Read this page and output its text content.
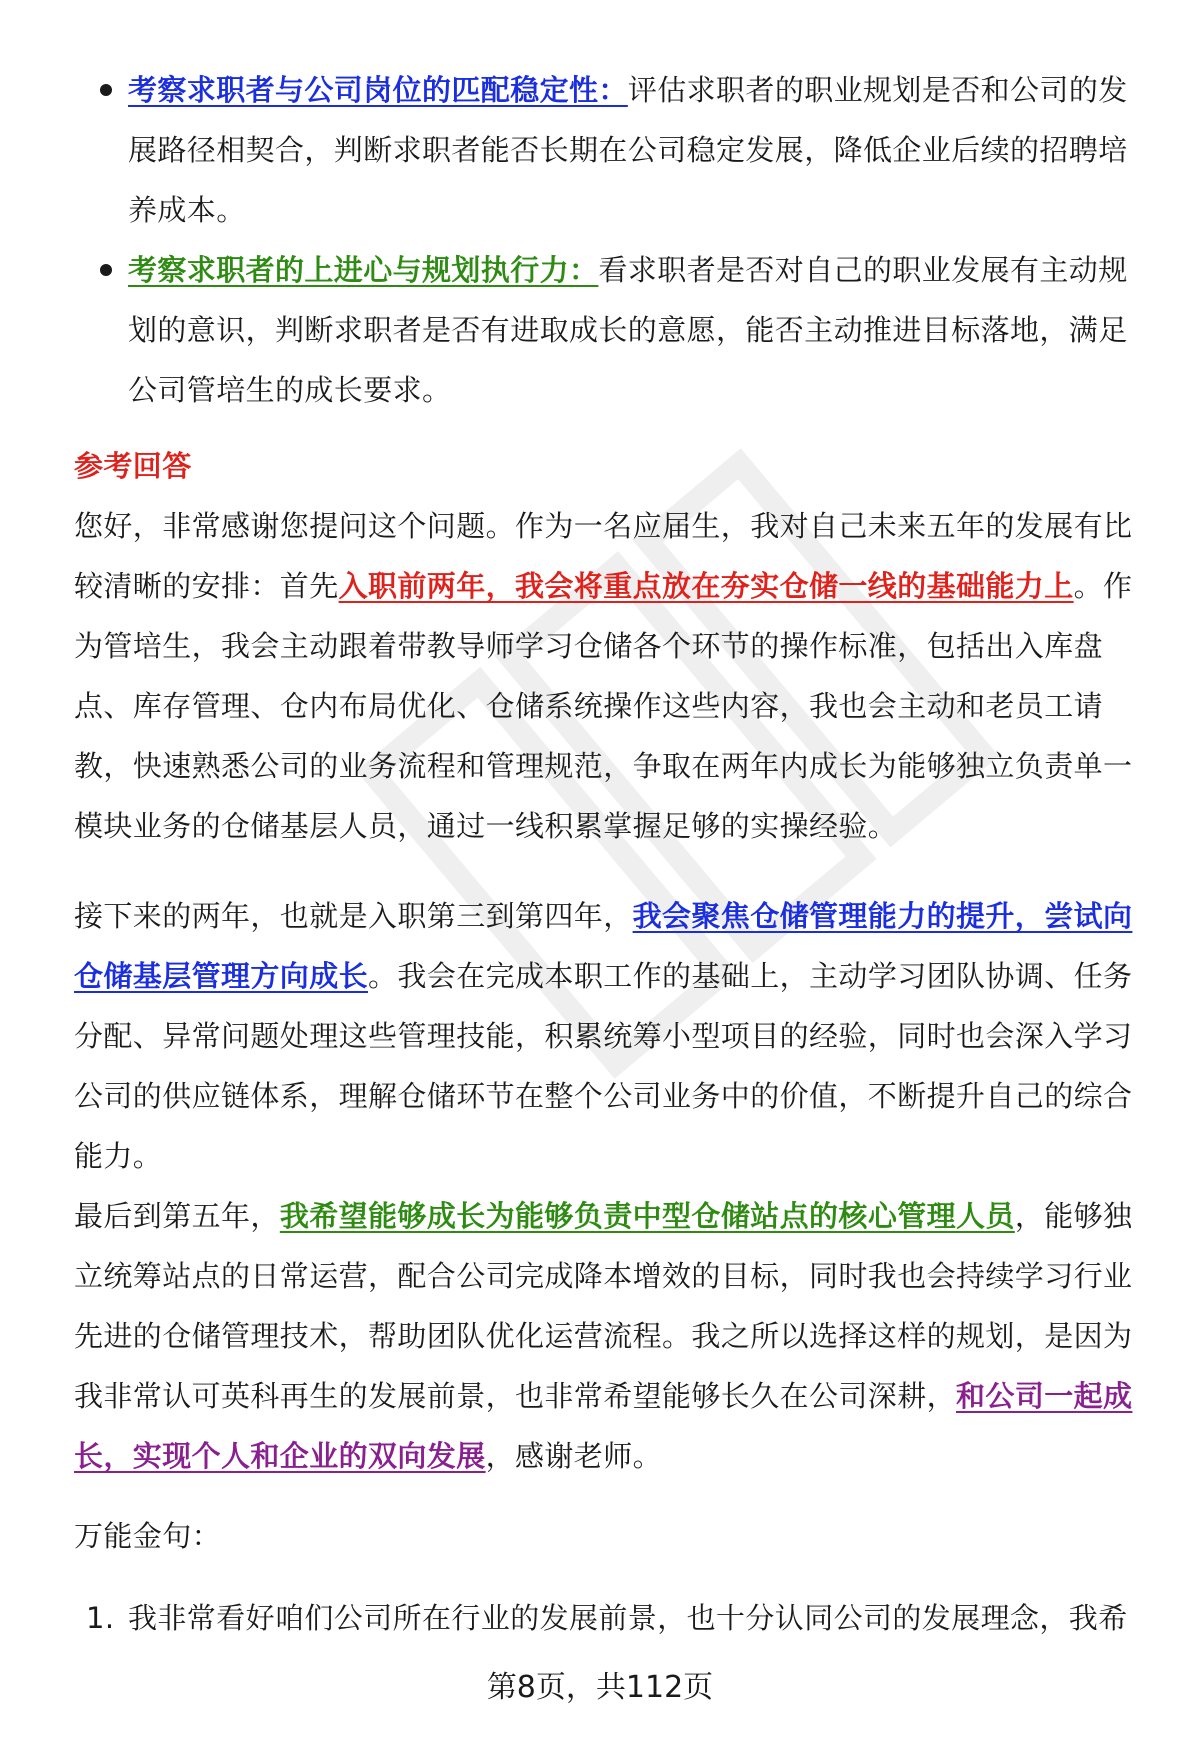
考察求职者与公司岗位的匹配稳定性：评估求职者的职业规划是否和公司的发展路径相契合，判断求职者能否长期在公司稳定发展，降低企业后续的招聘培养成本。
考察求职者的上进心与规划执行力：看求职者是否对自己的职业发展有主动规划的意识，判断求职者是否有进取成长的意愿，能否主动推进目标落地，满足公司管培生的成长要求。
参考回答

您好，非常感谢您提问这个问题。作为一名应届生，我对自己未来五年的发展有比较清晰的安排：首先入职前两年，我会将重点放在夯实仓储一线的基础能力上。作为管培生，我会主动跟着带教导师学习仓储各个环节的操作标准，包括出入库盘点、库存管理、仓内布局优化、仓储系统操作这些内容，我也会主动和老员工请教，快速熟悉公司的业务流程和管理规范，争取在两年内成长为能够独立负责单一模块业务的仓储基层人员，通过一线积累掌握足够的实操经验。

接下来的两年，也就是入职第三到第四年，我会聚焦仓储管理能力的提升，尝试向仓储基层管理方向成长。我会在完成本职工作的基础上，主动学习团队协调、任务分配、异常问题处理这些管理技能，积累统筹小型项目的经验，同时也会深入学习公司的供应链体系，理解仓储环节在整个公司业务中的价值，不断提升自己的综合能力。

最后到第五年，我希望能够成长为能够负责中型仓储站点的核心管理人员，能够独立统筹站点的日常运营，配合公司完成降本增效的目标，同时我也会持续学习行业先进的仓储管理技术，帮助团队优化运营流程。我之所以选择这样的规划，是因为我非常认可英科再生的发展前景，也非常希望能够长久在公司深耕，和公司一起成长，实现个人和企业的双向发展，感谢老师。

万能金句：
1. 我非常看好咱们公司所在行业的发展前景，也十分认同公司的发展理念，我希
第8页，共112页
